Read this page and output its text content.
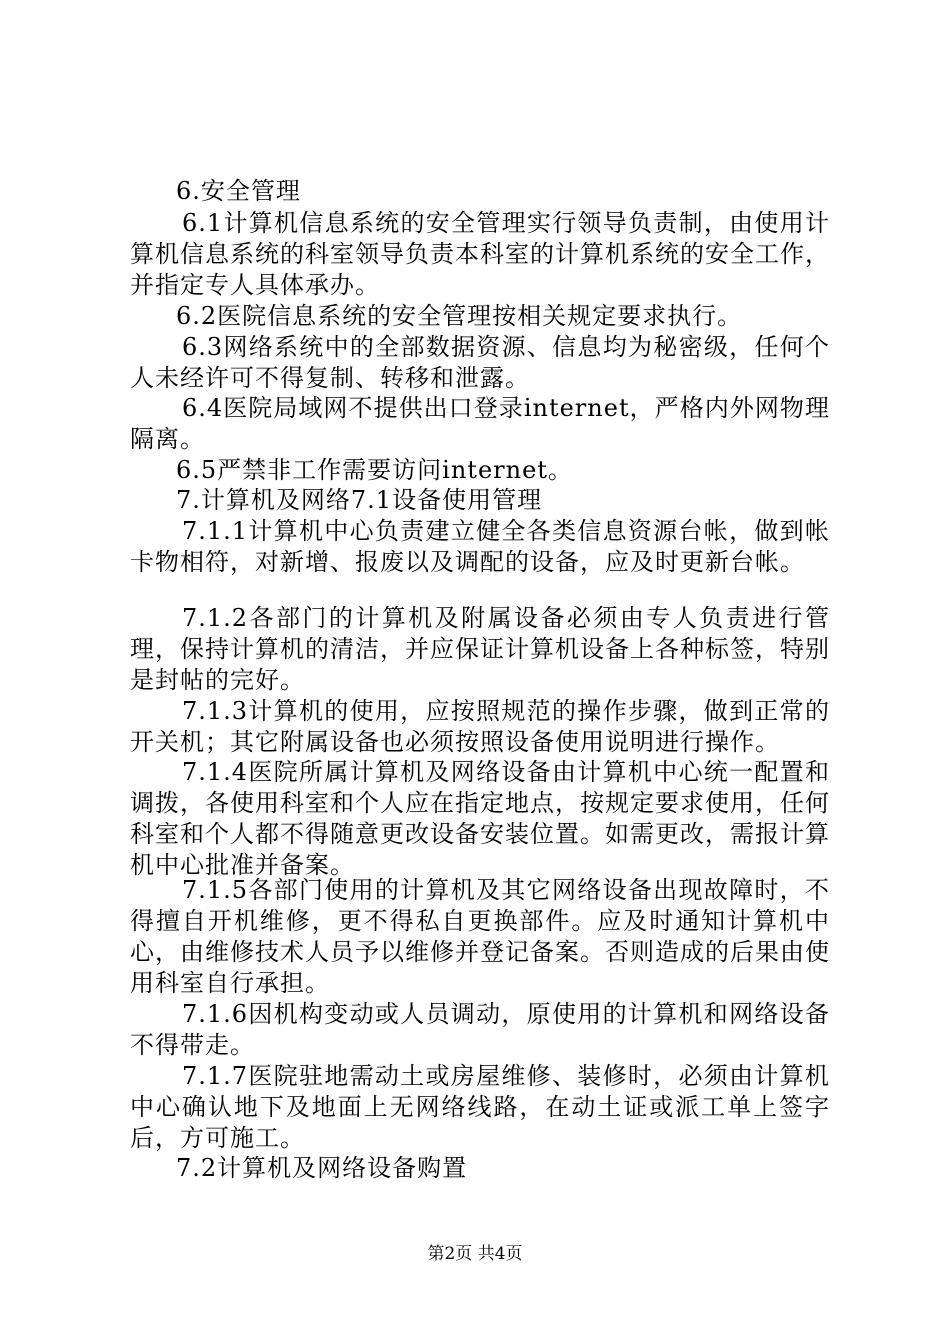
6.安全管理
6.1计算机信息系统的安全管理实行领导负责制，由使用计算机信息系统的科室领导负责本科室的计算机系统的安全工作，并指定专人具体承办。
6.2医院信息系统的安全管理按相关规定要求执行。
6.3网络系统中的全部数据资源、信息均为秘密级，任何个人未经许可不得复制、转移和泄露。
6.4医院局域网不提供出口登录internet，严格内外网物理隔离。
6.5严禁非工作需要访问internet。
7.计算机及网络7.1设备使用管理
7.1.1计算机中心负责建立健全各类信息资源台帐，做到帐卡物相符，对新增、报废以及调配的设备，应及时更新台帐。
7.1.2各部门的计算机及附属设备必须由专人负责进行管理，保持计算机的清洁，并应保证计算机设备上各种标签，特别是封帖的完好。
7.1.3计算机的使用，应按照规范的操作步骤，做到正常的开关机；其它附属设备也必须按照设备使用说明进行操作。
7.1.4医院所属计算机及网络设备由计算机中心统一配置和调拨，各使用科室和个人应在指定地点，按规定要求使用，任何科室和个人都不得随意更改设备安装位置。如需更改，需报计算机中心批准并备案。
7.1.5各部门使用的计算机及其它网络设备出现故障时，不得擅自开机维修，更不得私自更换部件。应及时通知计算机中心，由维修技术人员予以维修并登记备案。否则造成的后果由使用科室自行承担。
7.1.6因机构变动或人员调动，原使用的计算机和网络设备不得带走。
7.1.7医院驻地需动土或房屋维修、装修时，必须由计算机中心确认地下及地面上无网络线路，在动土证或派工单上签字后，方可施工。
7.2计算机及网络设备购置
第2页 共4页
